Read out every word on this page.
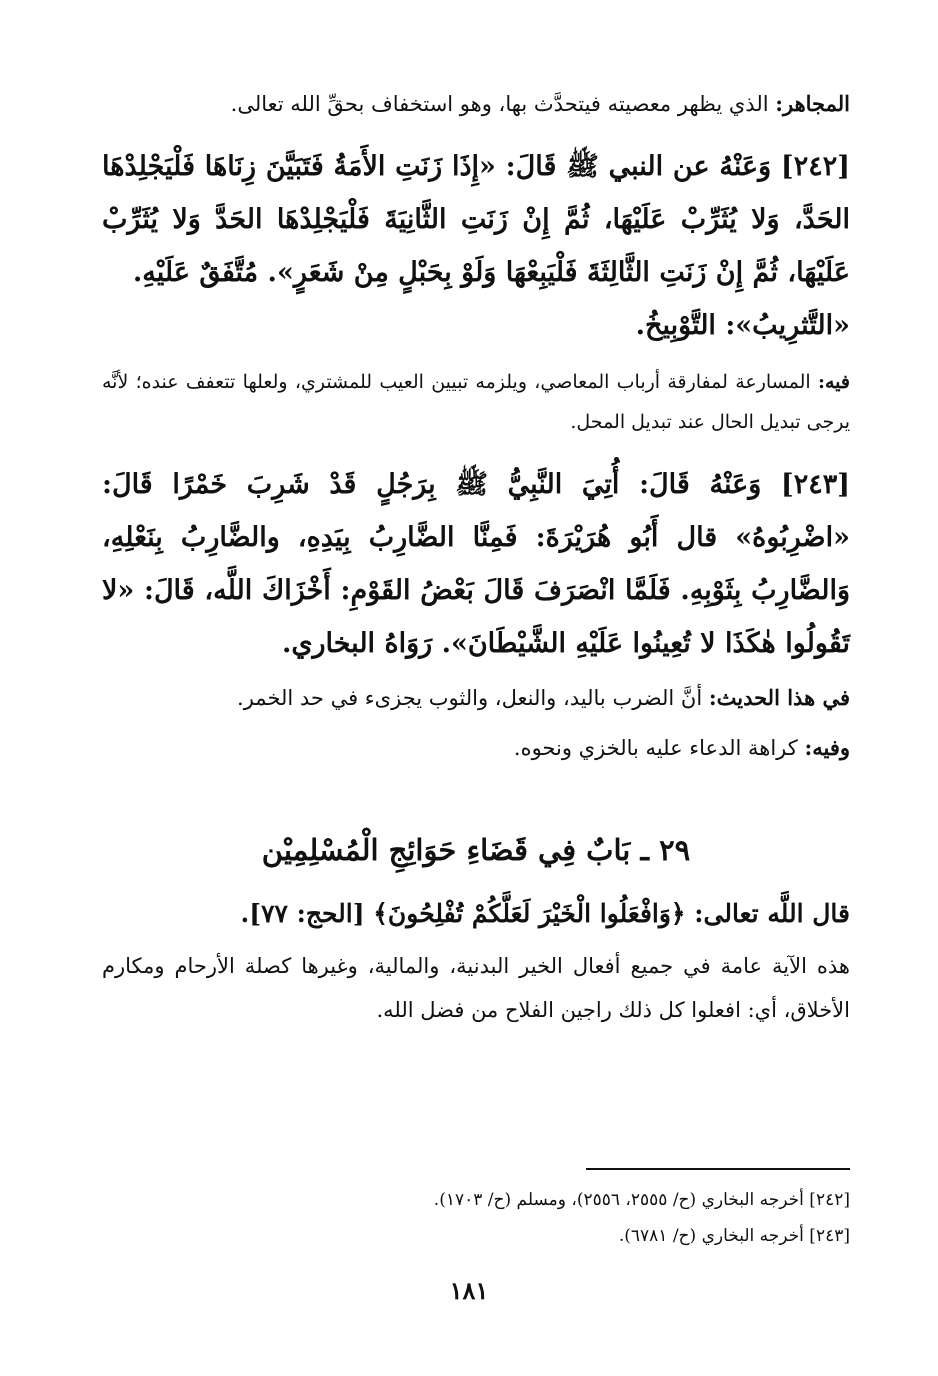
المجاهر: الذي يظهر معصيته فيتحدَّث بها، وهو استخفاف بحقِّ الله تعالى.

[٢٤٢] وَعَنْهُ عن النبي ﷺ قَالَ: «إِذَا زَنَتِ الأَمَةُ فَتَبَيَّنَ زِنَاهَا فَلْيَجْلِدْهَا الحَدَّ، وَلا يُثَرِّبْ عَلَيْهَا، ثُمَّ إِنْ زَنَتِ الثَّانِيَةَ فَلْيَجْلِدْهَا الحَدَّ وَلا يُثَرِّبْ عَلَيْهَا، ثُمَّ إِنْ زَنَتِ الثَّالِثَةَ فَلْيَبِعْهَا وَلَوْ بِحَبْلٍ مِنْ شَعَرٍ». مُتَّفَقٌ عَلَيْهِ.

«التَّثرِيبُ»: التَّوْبِيخُ.

فيه: المسارعة لمفارقة أرباب المعاصي، ويلزمه تبيين العيب للمشتري، ولعلها تتعفف عنده؛ لأنَّه يرجى تبديل الحال عند تبديل المحل.

[٢٤٣] وَعَنْهُ قَالَ: أُتِيَ النَّبِيُّ ﷺ بِرَجُلٍ قَدْ شَرِبَ خَمْرًا قَالَ: «اضْرِبُوهُ» قال أَبُو هُرَيْرَةَ: فَمِنَّا الضَّارِبُ بِيَدِهِ، والضَّارِبُ بِنَعْلِهِ، وَالضَّارِبُ بِثَوْبِهِ. فَلَمَّا انْصَرَفَ قَالَ بَعْضُ القَوْمِ: أَخْزَاكَ اللَّه، قَالَ: «لا تَقُولُوا هٰكَذَا لا تُعِينُوا عَلَيْهِ الشَّيْطَانَ». رَوَاهُ البخاري.

في هذا الحديث: أنَّ الضرب باليد، والنعل، والثوب يجزىء في حد الخمر.

وفيه: كراهة الدعاء عليه بالخزي ونحوه.

٢٩ ـ بَابٌ فِي قَضَاءِ حَوَائِجِ الْمُسْلِمِيْن

قال اللَّه تعالى: ﴿وَافْعَلُوا الْخَيْرَ لَعَلَّكُمْ تُفْلِحُونَ﴾ [الحج: ٧٧].

هذه الآية عامة في جميع أفعال الخير البدنية، والمالية، وغيرها كصلة الأرحام ومكارم الأخلاق، أي: افعلوا كل ذلك راجين الفلاح من فضل الله.

[٢٤٢] أخرجه البخاري (ح/ ٢٥٥٥، ٢٥٥٦)، ومسلم (ح/ ١٧٠٣).

[٢٤٣] أخرجه البخاري (ح/ ٦٧٨١).

١٨١
